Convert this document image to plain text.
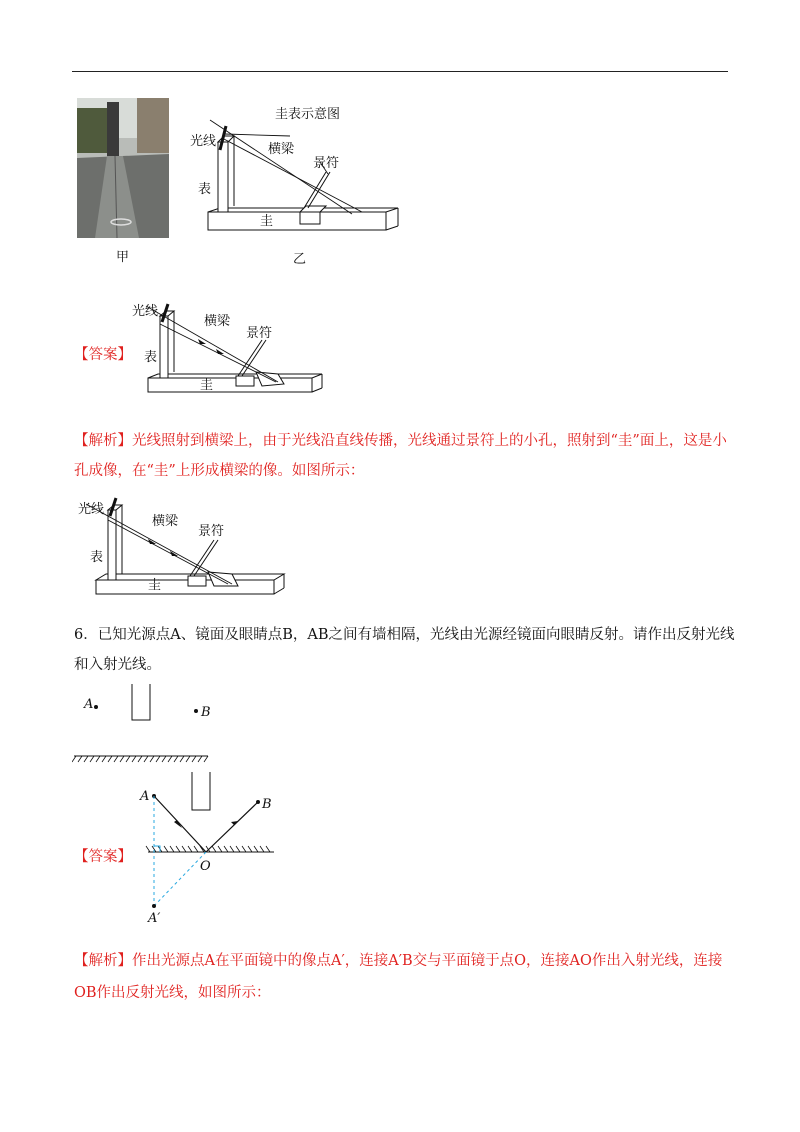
甲
圭表示意图
光线
横梁
景符
表
圭
乙
【答案】
光线
横梁
景符
表
圭
【解析】光线照射到横梁上，由于光线沿直线传播，光线通过景符上的小孔，照射到“圭”面上，这是小
孔成像，在“圭”上形成横梁的像。如图所示：
光线
横梁
景符
表
圭
6．已知光源点A、镜面及眼睛点B，AB之间有墙相隔，光线由光源经镜面向眼睛反射。请作出反射光线
和入射光线。
A
B
【答案】
A
B
O
A′
【解析】作出光源点A在平面镜中的像点A′，连接A′B交与平面镜于点O，连接AO作出入射光线，连接
OB作出反射光线，如图所示：
